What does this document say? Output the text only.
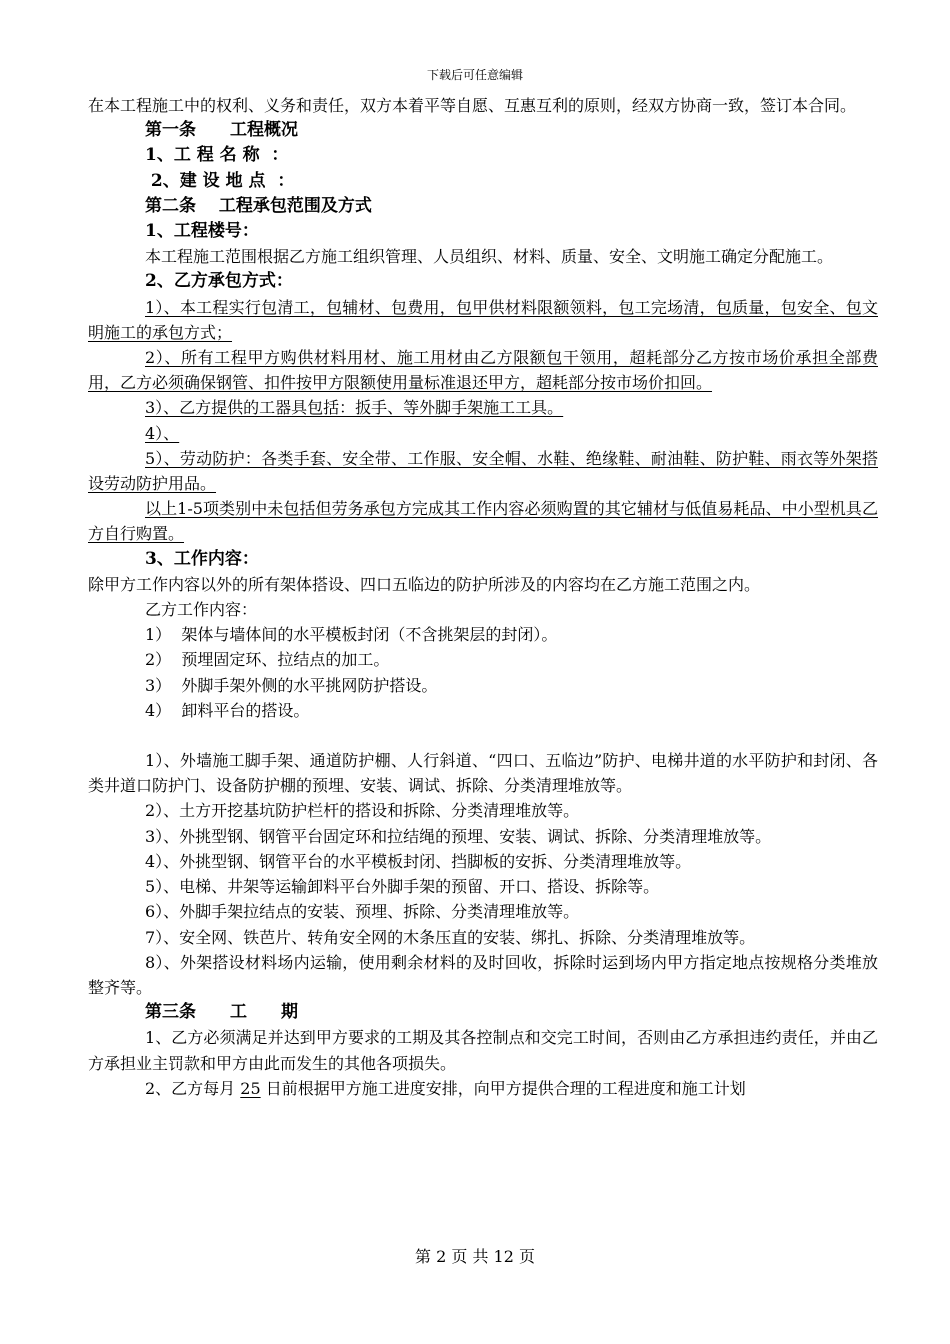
下载后可任意编辑

在本工程施工中的权利、义务和责任，双方本着平等自愿、互惠互利的原则，经双方协商一致，签订本合同。

第一条　　工程概况

1、工 程 名 称  ：

2、建 设 地 点  ：

第二条　 工程承包范围及方式

1、工程楼号：

本工程施工范围根据乙方施工组织管理、人员组织、材料、质量、安全、文明施工确定分配施工。

2、乙方承包方式：

1）、本工程实行包清工，包辅材、包费用，包甲供材料限额领料，包工完场清，包质量，包安全、包文明施工的承包方式；

2）、所有工程甲方购供材料用材、施工用材由乙方限额包干领用，超耗部分乙方按市场价承担全部费用，乙方必须确保钢管、扣件按甲方限额使用量标准退还甲方，超耗部分按市场价扣回。

3）、乙方提供的工器具包括：扳手、等外脚手架施工工具。

4）、

5）、劳动防护：各类手套、安全带、工作服、安全帽、水鞋、绝缘鞋、耐油鞋、防护鞋、雨衣等外架搭设劳动防护用品。

以上1-5项类别中未包括但劳务承包方完成其工作内容必须购置的其它辅材与低值易耗品、中小型机具乙方自行购置。

3、工作内容：

除甲方工作内容以外的所有架体搭设、四口五临边的防护所涉及的内容均在乙方施工范围之内。

乙方工作内容：

1）  架体与墙体间的水平模板封闭（不含挑架层的封闭）。

2）  预埋固定环、拉结点的加工。

3）  外脚手架外侧的水平挑网防护搭设。

4）  卸料平台的搭设。

1）、外墙施工脚手架、通道防护棚、人行斜道、“四口、五临边”防护、电梯井道的水平防护和封闭、各类井道口防护门、设备防护棚的预埋、安装、调试、拆除、分类清理堆放等。

2）、土方开挖基坑防护栏杆的搭设和拆除、分类清理堆放等。

3）、外挑型钢、钢管平台固定环和拉结绳的预埋、安装、调试、拆除、分类清理堆放等。

4）、外挑型钢、钢管平台的水平模板封闭、挡脚板的安拆、分类清理堆放等。

5）、电梯、井架等运输卸料平台外脚手架的预留、开口、搭设、拆除等。

6）、外脚手架拉结点的安装、预埋、拆除、分类清理堆放等。

7）、安全网、铁芭片、转角安全网的木条压直的安装、绑扎、拆除、分类清理堆放等。

8）、外架搭设材料场内运输，使用剩余材料的及时回收，拆除时运到场内甲方指定地点按规格分类堆放整齐等。

第三条　　工　　期

1、乙方必须满足并达到甲方要求的工期及其各控制点和交完工时间，否则由乙方承担违约责任，并由乙方承担业主罚款和甲方由此而发生的其他各项损失。

2、乙方每月 25 日前根据甲方施工进度安排，向甲方提供合理的工程进度和施工计划

第 2 页 共 12 页
